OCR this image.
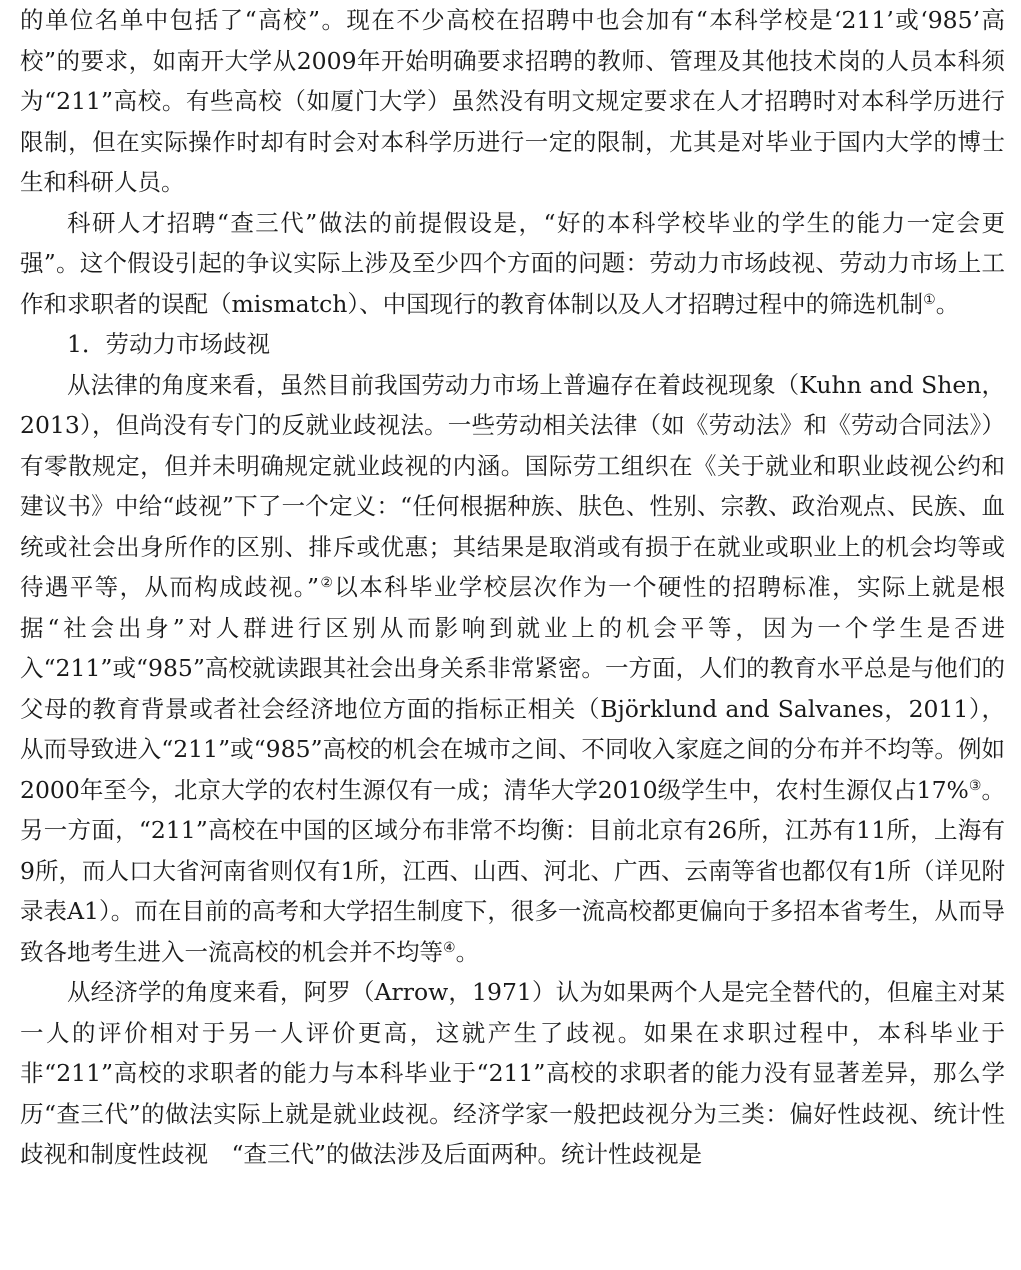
的单位名单中包括了“高校”。现在不少高校在招聘中也会加有“本科学校是‘211’或‘985’高校”的要求，如南开大学从2009年开始明确要求招聘的教师、管理及其他技术岗的人员本科须为“211”高校。有些高校（如厦门大学）虽然没有明文规定要求在人才招聘时对本科学历进行限制，但在实际操作时却有时会对本科学历进行一定的限制，尤其是对毕业于国内大学的博士生和科研人员。

科研人才招聘“查三代”做法的前提假设是，“好的本科学校毕业的学生的能力一定会更强”。这个假设引起的争议实际上涉及至少四个方面的问题：劳动力市场歧视、劳动力市场上工作和求职者的误配（mismatch）、中国现行的教育体制以及人才招聘过程中的筛选机制①。

1．劳动力市场歧视

从法律的角度来看，虽然目前我国劳动力市场上普遍存在着歧视现象（Kuhn and Shen，2013），但尚没有专门的反就业歧视法。一些劳动相关法律（如《劳动法》和《劳动合同法》）有零散规定，但并未明确规定就业歧视的内涵。国际劳工组织在《关于就业和职业歧视公约和建议书》中给“歧视”下了一个定义：“任何根据种族、肤色、性别、宗教、政治观点、民族、血统或社会出身所作的区别、排斥或优惠；其结果是取消或有损于在就业或职业上的机会均等或待遇平等，从而构成歧视。”②以本科毕业学校层次作为一个硬性的招聘标准，实际上就是根据“社会出身”对人群进行区别从而影响到就业上的机会平等，因为一个学生是否进入“211”或“985”高校就读跟其社会出身关系非常紧密。一方面，人们的教育水平总是与他们的父母的教育背景或者社会经济地位方面的指标正相关（Björklund and Salvanes，2011），从而导致进入“211”或“985”高校的机会在城市之间、不同收入家庭之间的分布并不均等。例如2000年至今，北京大学的农村生源仅有一成；清华大学2010级学生中，农村生源仅占17%③。另一方面，“211”高校在中国的区域分布非常不均衡：目前北京有26所，江苏有11所，上海有9所，而人口大省河南省则仅有1所，江西、山西、河北、广西、云南等省也都仅有1所（详见附录表A1）。而在目前的高考和大学招生制度下，很多一流高校都更偏向于多招本省考生，从而导致各地考生进入一流高校的机会并不均等④。

从经济学的角度来看，阿罗（Arrow，1971）认为如果两个人是完全替代的，但雇主对某一人的评价相对于另一人评价更高，这就产生了歧视。如果在求职过程中，本科毕业于非“211”高校的求职者的能力与本科毕业于“211”高校的求职者的能力没有显著差异，那么学历“查三代”的做法实际上就是就业歧视。经济学家一般把歧视分为三类：偏好性歧视、统计性歧视和制度性歧视　“查三代”的做法涉及后面两种。统计性歧视是
